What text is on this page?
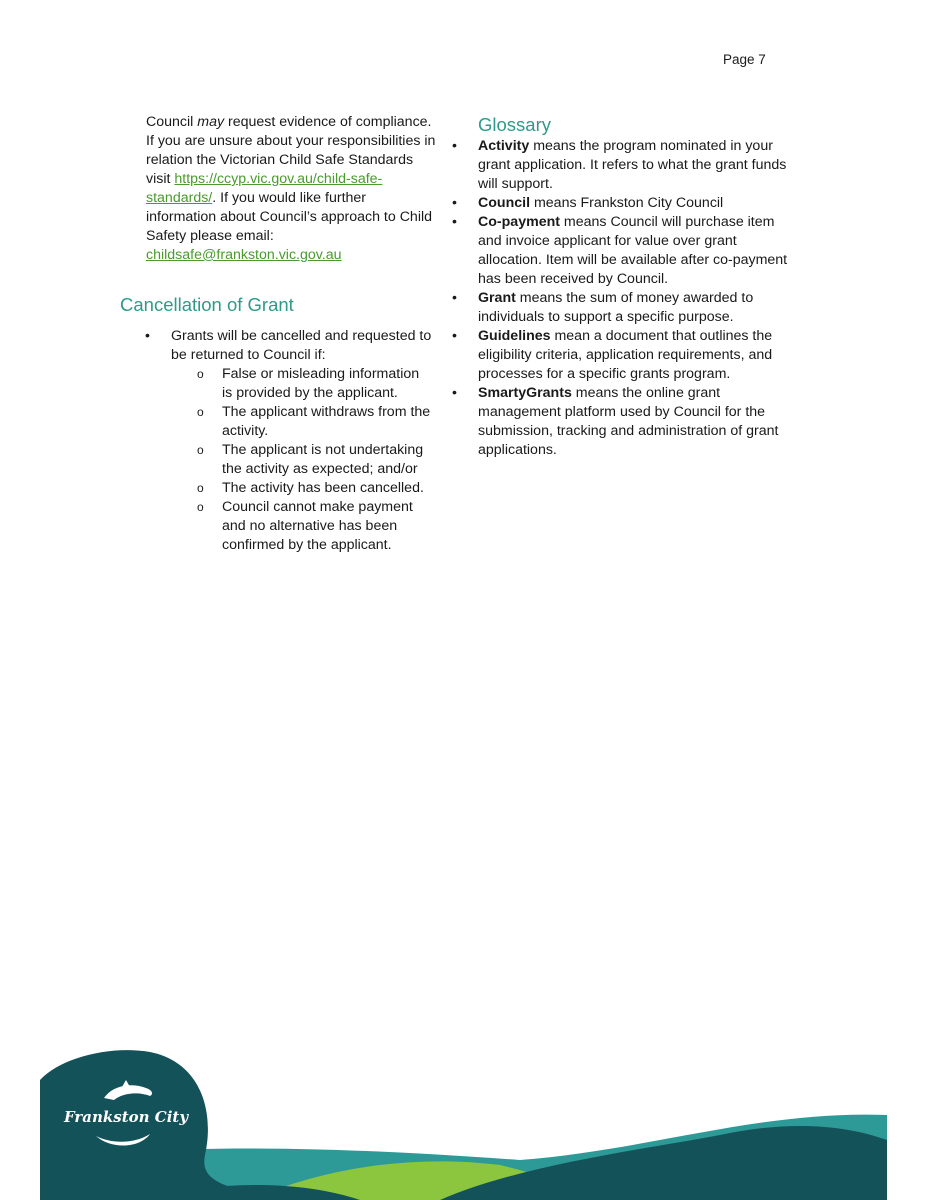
Page 7
Council may request evidence of compliance. If you are unsure about your responsibilities in relation the Victorian Child Safe Standards visit https://ccyp.vic.gov.au/child-safe-standards/. If you would like further information about Council’s approach to Child Safety please email: childsafe@frankston.vic.gov.au
Cancellation of Grant
• Grants will be cancelled and requested to be returned to Council if:
o False or misleading information is provided by the applicant.
o The applicant withdraws from the activity.
o The applicant is not undertaking the activity as expected; and/or
o The activity has been cancelled.
o Council cannot make payment and no alternative has been confirmed by the applicant.
Glossary
• Activity means the program nominated in your grant application. It refers to what the grant funds will support.
• Council means Frankston City Council
• Co-payment means Council will purchase item and invoice applicant for value over grant allocation. Item will be available after co-payment has been received by Council.
• Grant means the sum of money awarded to individuals to support a specific purpose.
• Guidelines mean a document that outlines the eligibility criteria, application requirements, and processes for a specific grants program.
• SmartyGrants means the online grant management platform used by Council for the submission, tracking and administration of grant applications.
Frankston City
